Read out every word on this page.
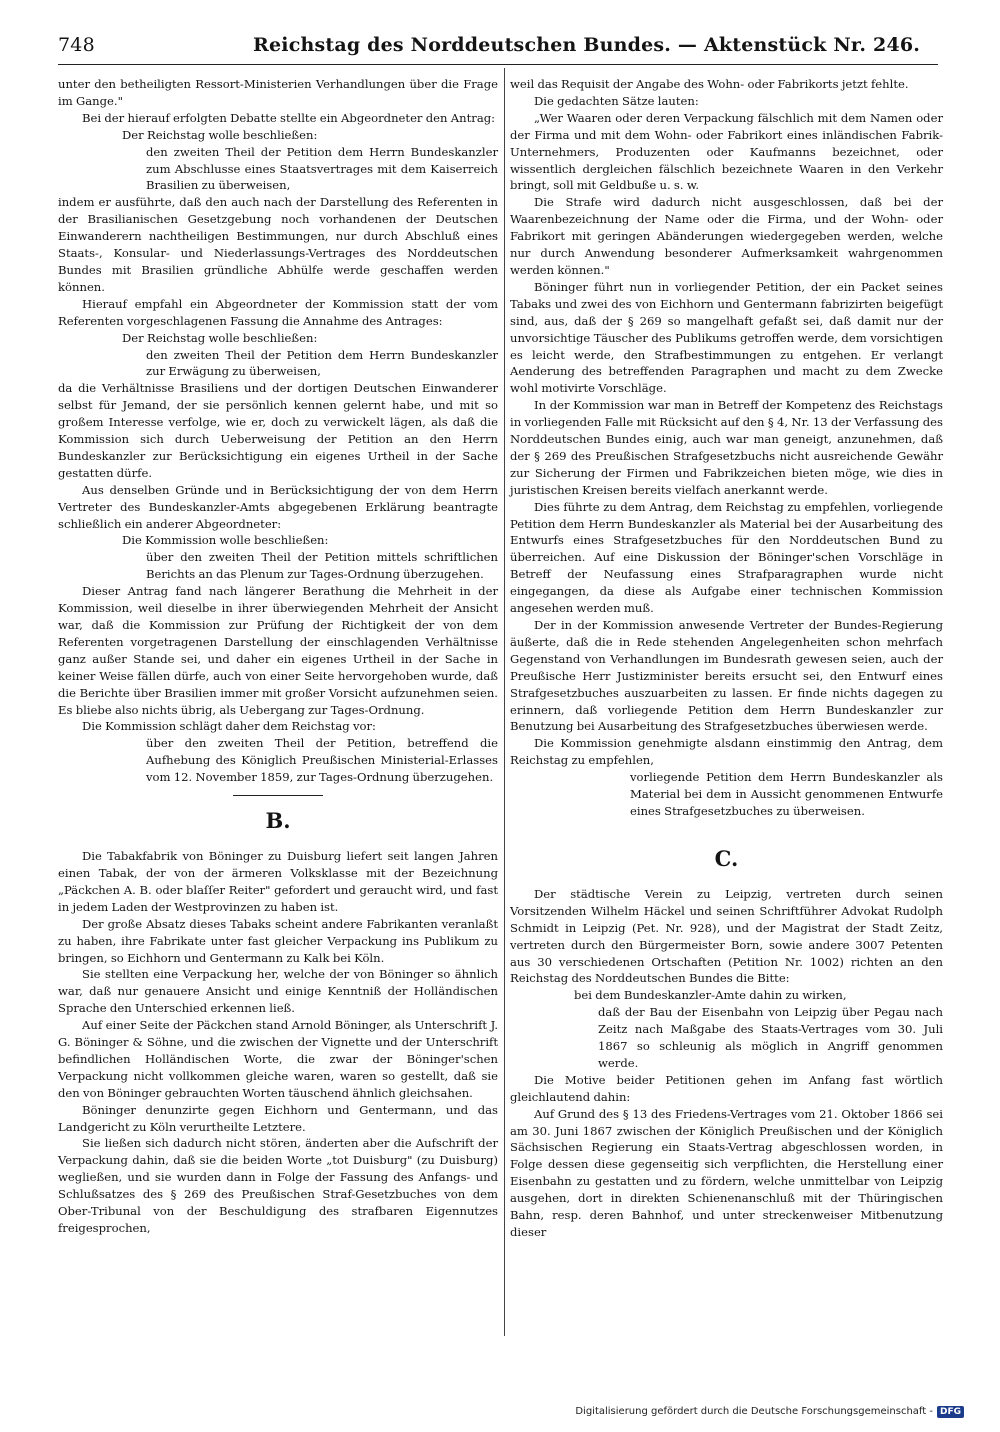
748	Reichstag des Norddeutschen Bundes. — Aktenstück Nr. 246.

unter den betheiligten Ressort-Ministerien Verhandlungen über die Frage im Gange."

Bei der hierauf erfolgten Debatte stellte ein Abgeordneter den Antrag:

Der Reichstag wolle beschließen:

den zweiten Theil der Petition dem Herrn Bundeskanzler zum Abschlusse eines Staatsvertrages mit dem Kaiserreich Brasilien zu überweisen,

indem er ausführte, daß den auch nach der Darstellung des Referenten in der Brasilianischen Gesetzgebung noch vorhandenen der Deutschen Einwanderern nachtheiligen Bestimmungen, nur durch Abschluß eines Staats-, Konsular- und Niederlassungs-Vertrages des Norddeutschen Bundes mit Brasilien gründliche Abhülfe werde geschaffen werden können.

Hierauf empfahl ein Abgeordneter der Kommission statt der vom Referenten vorgeschlagenen Fassung die Annahme des Antrages:

Der Reichstag wolle beschließen:

den zweiten Theil der Petition dem Herrn Bundeskanzler zur Erwägung zu überweisen,

da die Verhältnisse Brasiliens und der dortigen Deutschen Einwanderer selbst für Jemand, der sie persönlich kennen gelernt habe, und mit so großem Interesse verfolge, wie er, doch zu verwickelt lägen, als daß die Kommission sich durch Ueberweisung der Petition an den Herrn Bundeskanzler zur Berücksichtigung ein eigenes Urtheil in der Sache gestatten dürfe.

Aus denselben Gründe und in Berücksichtigung der von dem Herrn Vertreter des Bundeskanzler-Amts abgegebenen Erklärung beantragte schließlich ein anderer Abgeordneter:

Die Kommission wolle beschließen:

über den zweiten Theil der Petition mittels schriftlichen Berichts an das Plenum zur Tages-Ordnung überzugehen.

Dieser Antrag fand nach längerer Berathung die Mehrheit in der Kommission, weil dieselbe in ihrer überwiegenden Mehrheit der Ansicht war, daß die Kommission zur Prüfung der Richtigkeit der von dem Referenten vorgetragenen Darstellung der einschlagenden Verhältnisse ganz außer Stande sei, und daher ein eigenes Urtheil in der Sache in keiner Weise fällen dürfe, auch von einer Seite hervorgehoben wurde, daß die Berichte über Brasilien immer mit großer Vorsicht aufzunehmen seien. Es bliebe also nichts übrig, als Uebergang zur Tages-Ordnung.

Die Kommission schlägt daher dem Reichstag vor:

über den zweiten Theil der Petition, betreffend die Aufhebung des Königlich Preußischen Ministerial-Erlasses vom 12. November 1859, zur Tages-Ordnung überzugehen.

B.

Die Tabakfabrik von Böninger zu Duisburg liefert seit langen Jahren einen Tabak, der von der ärmeren Volksklasse mit der Bezeichnung „Päckchen A. B. oder blaſſer Reiter" gefordert und geraucht wird, und fast in jedem Laden der Westprovinzen zu haben ist.

Der große Absatz dieses Tabaks scheint andere Fabrikanten veranlaßt zu haben, ihre Fabrikate unter fast gleicher Verpackung ins Publikum zu bringen, so Eichhorn und Gentermann zu Kalk bei Köln.

Sie stellten eine Verpackung her, welche der von Böninger so ähnlich war, daß nur genauere Ansicht und einige Kenntniß der Holländischen Sprache den Unterschied erkennen ließ.

Auf einer Seite der Päckchen stand Arnold Böninger, als Unterschrift J. G. Böninger & Söhne, und die zwischen der Vignette und der Unterschrift befindlichen Holländischen Worte, die zwar der Böninger'schen Verpackung nicht vollkommen gleiche waren, waren so gestellt, daß sie den von Böninger gebrauchten Worten täuschend ähnlich gleichsahen.

Böninger denunzirte gegen Eichhorn und Gentermann, und das Landgericht zu Köln verurtheilte Letztere.

Sie ließen sich dadurch nicht stören, änderten aber die Aufschrift der Verpackung dahin, daß sie die beiden Worte „tot Duisburg" (zu Duisburg) wegließen, und sie wurden dann in Folge der Fassung des Anfangs- und Schlußsatzes des § 269 des Preußischen Straf-Gesetzbuches von dem Ober-Tribunal von der Beschuldigung des strafbaren Eigennutzes freigesprochen,

weil das Requisit der Angabe des Wohn- oder Fabrikorts jetzt fehlte.

Die gedachten Sätze lauten:

„Wer Waaren oder deren Verpackung fälschlich mit dem Namen oder der Firma und mit dem Wohn- oder Fabrikort eines inländischen Fabrik-Unternehmers, Produzenten oder Kaufmanns bezeichnet, oder wissentlich dergleichen fälschlich bezeichnete Waaren in den Verkehr bringt, soll mit Geldbuße u. s. w.

Die Strafe wird dadurch nicht ausgeschlossen, daß bei der Waarenbezeichnung der Name oder die Firma, und der Wohn- oder Fabrikort mit geringen Abänderungen wiedergegeben werden, welche nur durch Anwendung besonderer Aufmerksamkeit wahrgenommen werden können."

Böninger führt nun in vorliegender Petition, der ein Packet seines Tabaks und zwei des von Eichhorn und Gentermann fabrizirten beigefügt sind, aus, daß der § 269 so mangelhaft gefaßt sei, daß damit nur der unvorsichtige Täuscher des Publikums getroffen werde, dem vorsichtigen es leicht werde, den Strafbestimmungen zu entgehen. Er verlangt Aenderung des betreffenden Paragraphen und macht zu dem Zwecke wohl motivirte Vorschläge.

In der Kommission war man in Betreff der Kompetenz des Reichstags in vorliegenden Falle mit Rücksicht auf den § 4, Nr. 13 der Verfassung des Norddeutschen Bundes einig, auch war man geneigt, anzunehmen, daß der § 269 des Preußischen Strafgesetzbuchs nicht ausreichende Gewähr zur Sicherung der Firmen und Fabrikzeichen bieten möge, wie dies in juristischen Kreisen bereits vielfach anerkannt werde.

Dies führte zu dem Antrag, dem Reichstag zu empfehlen, vorliegende Petition dem Herrn Bundeskanzler als Material bei der Ausarbeitung des Entwurfs eines Strafgesetzbuches für den Norddeutschen Bund zu überreichen. Auf eine Diskussion der Böninger'schen Vorschläge in Betreff der Neufassung eines Strafparagraphen wurde nicht eingegangen, da diese als Aufgabe einer technischen Kommission angesehen werden muß.

Der in der Kommission anwesende Vertreter der Bundes-Regierung äußerte, daß die in Rede stehenden Angelegenheiten schon mehrfach Gegenstand von Verhandlungen im Bundesrath gewesen seien, auch der Preußische Herr Justizminister bereits ersucht sei, den Entwurf eines Strafgesetzbuches auszuarbeiten zu lassen. Er finde nichts dagegen zu erinnern, daß vorliegende Petition dem Herrn Bundeskanzler zur Benutzung bei Ausarbeitung des Strafgesetzbuches überwiesen werde.

Die Kommission genehmigte alsdann einstimmig den Antrag, dem Reichstag zu empfehlen,

vorliegende Petition dem Herrn Bundeskanzler als Material bei dem in Aussicht genommenen Entwurfe eines Strafgesetzbuches zu überweisen.

C.

Der städtische Verein zu Leipzig, vertreten durch seinen Vorsitzenden Wilhelm Häckel und seinen Schriftführer Advokat Rudolph Schmidt in Leipzig (Pet. Nr. 928), und der Magistrat der Stadt Zeitz, vertreten durch den Bürgermeister Born, sowie andere 3007 Petenten aus 30 verschiedenen Ortschaften (Petition Nr. 1002) richten an den Reichstag des Norddeutschen Bundes die Bitte:

bei dem Bundeskanzler-Amte dahin zu wirken,

daß der Bau der Eisenbahn von Leipzig über Pegau nach Zeitz nach Maßgabe des Staats-Vertrages vom 30. Juli 1867 so schleunig als möglich in Angriff genommen werde.

Die Motive beider Petitionen gehen im Anfang fast wörtlich gleichlautend dahin:

Auf Grund des § 13 des Friedens-Vertrages vom 21. Oktober 1866 sei am 30. Juni 1867 zwischen der Königlich Preußischen und der Königlich Sächsischen Regierung ein Staats-Vertrag abgeschlossen worden, in Folge dessen diese gegenseitig sich verpflichten, die Herstellung einer Eisenbahn zu gestatten und zu fördern, welche unmittelbar von Leipzig ausgehen, dort in direkten Schienenanschluß mit der Thüringischen Bahn, resp. deren Bahnhof, und unter streckenweiser Mitbenutzung dieser

Digitalisierung gefördert durch die Deutsche Forschungsgemeinschaft - DFG
